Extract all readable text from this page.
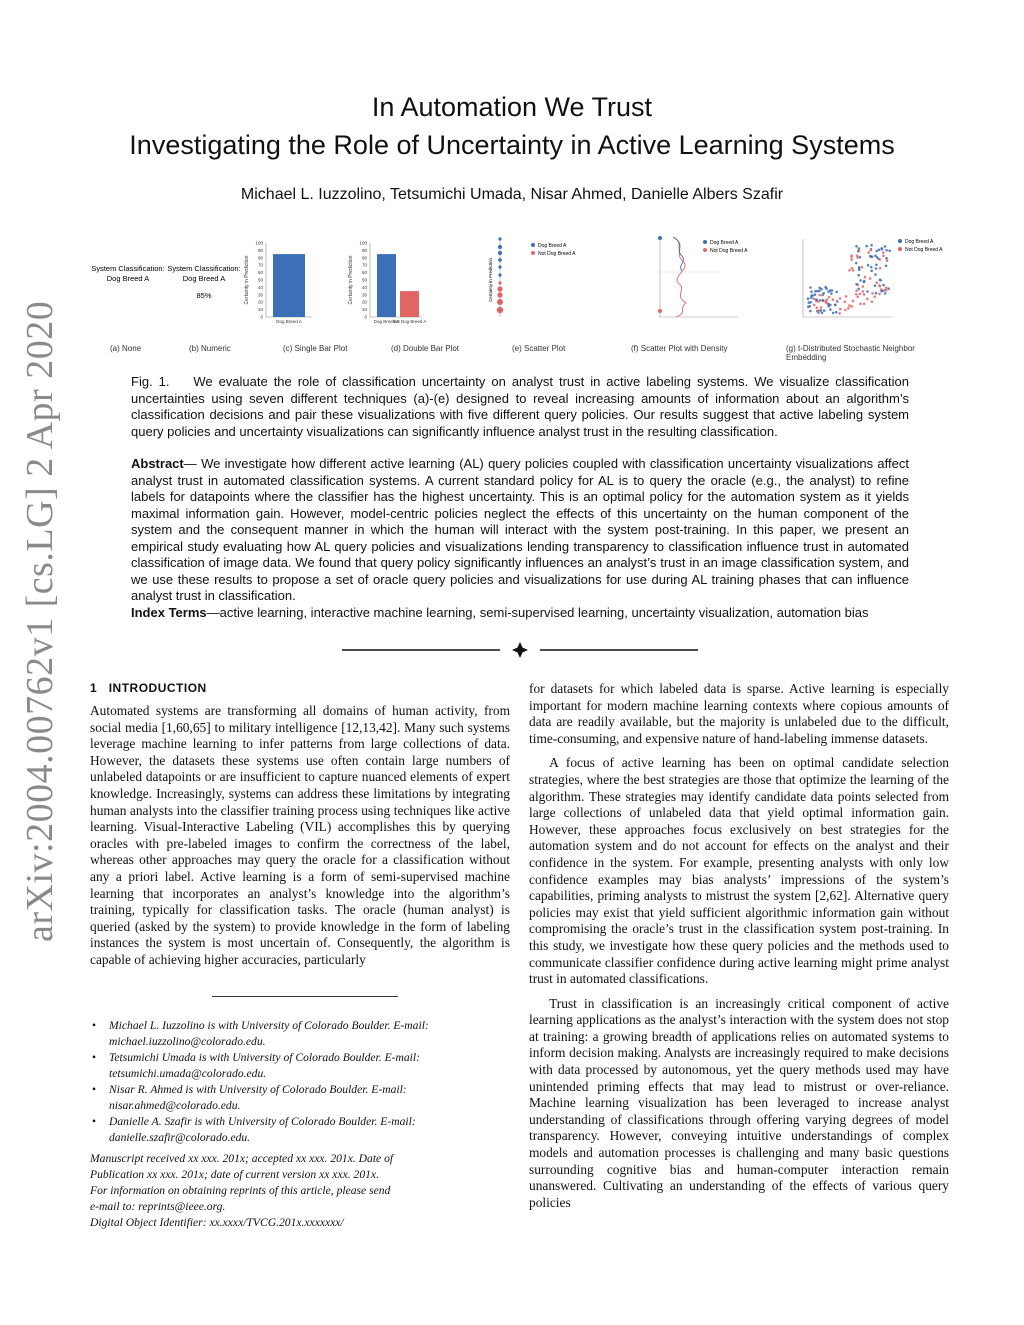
arXiv:2004.00762v1 [cs.LG] 2 Apr 2020
In Automation We Trust
Investigating the Role of Uncertainty in Active Learning Systems
Michael L. Iuzzolino, Tetsumichi Umada, Nisar Ahmed, Danielle Albers Szafir
System Classification:
Dog Breed A
System Classification:
Dog Breed A
85%
0
10
20
30
40
50
60
70
80
90
100
Certainty in Prediction
Dog Breed A
0
10
20
30
40
50
60
70
80
90
100
Certainty in Prediction
Dog Breed A
Not Dog Breed A
Certainty in Prediction
Dog Breed A
Not Dog Breed A
Dog Breed A
Not Dog Breed A
Dog Breed A
Not Dog Breed A
(a) None	(b) Numeric	(c) Single Bar Plot	(d) Double Bar Plot	(e) Scatter Plot	(f) Scatter Plot with Density	(g) t-Distributed Stochastic Neighbor Embedding
Fig. 1. We evaluate the role of classification uncertainty on analyst trust in active labeling systems. We visualize classification uncertainties using seven different techniques (a)-(e) designed to reveal increasing amounts of information about an algorithm’s classification decisions and pair these visualizations with five different query policies. Our results suggest that active labeling system query policies and uncertainty visualizations can significantly influence analyst trust in the resulting classification.
Abstract— We investigate how different active learning (AL) query policies coupled with classification uncertainty visualizations affect analyst trust in automated classification systems. A current standard policy for AL is to query the oracle (e.g., the analyst) to refine labels for datapoints where the classifier has the highest uncertainty. This is an optimal policy for the automation system as it yields maximal information gain. However, model-centric policies neglect the effects of this uncertainty on the human component of the system and the consequent manner in which the human will interact with the system post-training. In this paper, we present an empirical study evaluating how AL query policies and visualizations lending transparency to classification influence trust in automated classification of image data. We found that query policy significantly influences an analyst’s trust in an image classification system, and we use these results to propose a set of oracle query policies and visualizations for use during AL training phases that can influence analyst trust in classification.
Index Terms—active learning, interactive machine learning, semi-supervised learning, uncertainty visualization, automation bias
1 INTRODUCTION

Automated systems are transforming all domains of human activity, from social media [1,60,65] to military intelligence [12,13,42]. Many such systems leverage machine learning to infer patterns from large collections of data. However, the datasets these systems use often contain large numbers of unlabeled datapoints or are insufficient to capture nuanced elements of expert knowledge. Increasingly, systems can address these limitations by integrating human analysts into the classifier training process using techniques like active learning. Visual-Interactive Labeling (VIL) accomplishes this by querying oracles with pre-labeled images to confirm the correctness of the label, whereas other approaches may query the oracle for a classification without any a priori label. Active learning is a form of semi-supervised machine learning that incorporates an analyst’s knowledge into the algorithm’s training, typically for classification tasks. The oracle (human analyst) is queried (asked by the system) to provide knowledge in the form of labeling instances the system is most uncertain of. Consequently, the algorithm is capable of achieving higher accuracies, particularly

for datasets for which labeled data is sparse. Active learning is especially important for modern machine learning contexts where copious amounts of data are readily available, but the majority is unlabeled due to the difficult, time-consuming, and expensive nature of hand-labeling immense datasets.

A focus of active learning has been on optimal candidate selection strategies, where the best strategies are those that optimize the learning of the algorithm. These strategies may identify candidate data points selected from large collections of unlabeled data that yield optimal information gain. However, these approaches focus exclusively on best strategies for the automation system and do not account for effects on the analyst and their confidence in the system. For example, presenting analysts with only low confidence examples may bias analysts’ impressions of the system’s capabilities, priming analysts to mistrust the system [2,62]. Alternative query policies may exist that yield sufficient algorithmic information gain without compromising the oracle’s trust in the classification system post-training. In this study, we investigate how these query policies and the methods used to communicate classifier confidence during active learning might prime analyst trust in automated classifications.

Trust in classification is an increasingly critical component of active learning applications as the analyst’s interaction with the system does not stop at training: a growing breadth of applications relies on automated systems to inform decision making. Analysts are increasingly required to make decisions with data processed by autonomous, yet the query methods used may have unintended priming effects that may lead to mistrust or over-reliance. Machine learning visualization has been leveraged to increase analyst understanding of classifications through offering varying degrees of model transparency. However, conveying intuitive understandings of complex models and automation processes is challenging and many basic questions surrounding cognitive bias and human-computer interaction remain unanswered. Cultivating an understanding of the effects of various query policies

• Michael L. Iuzzolino is with University of Colorado Boulder. E-mail: michael.iuzzolino@colorado.edu.
• Tetsumichi Umada is with University of Colorado Boulder. E-mail: tetsumichi.umada@colorado.edu.
• Nisar R. Ahmed is with University of Colorado Boulder. E-mail: nisar.ahmed@colorado.edu.
• Danielle A. Szafir is with University of Colorado Boulder. E-mail: danielle.szafir@colorado.edu.
Manuscript received xx xxx. 201x; accepted xx xxx. 201x. Date of
Publication xx xxx. 201x; date of current version xx xxx. 201x.
For information on obtaining reprints of this article, please send
e-mail to: reprints@ieee.org.
Digital Object Identifier: xx.xxxx/TVCG.201x.xxxxxxx/
